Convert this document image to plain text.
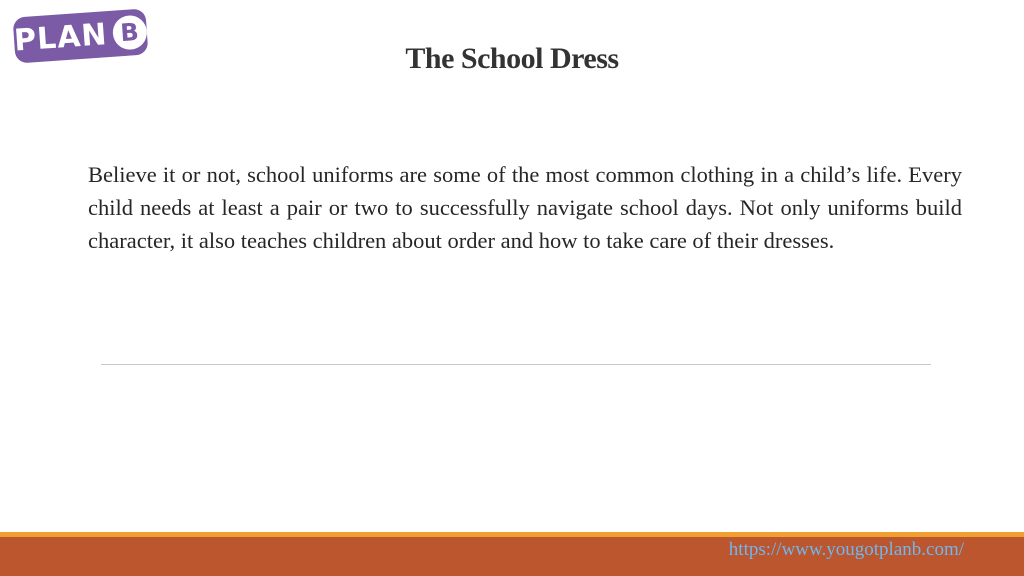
PLAN B
The School Dress

Believe it or not, school uniforms are some of the most common clothing in a child’s life. Every child needs at least a pair or two to successfully navigate school days. Not only uniforms build character, it also teaches children about order and how to take care of their dresses.

https://www.yougotplanb.com/
